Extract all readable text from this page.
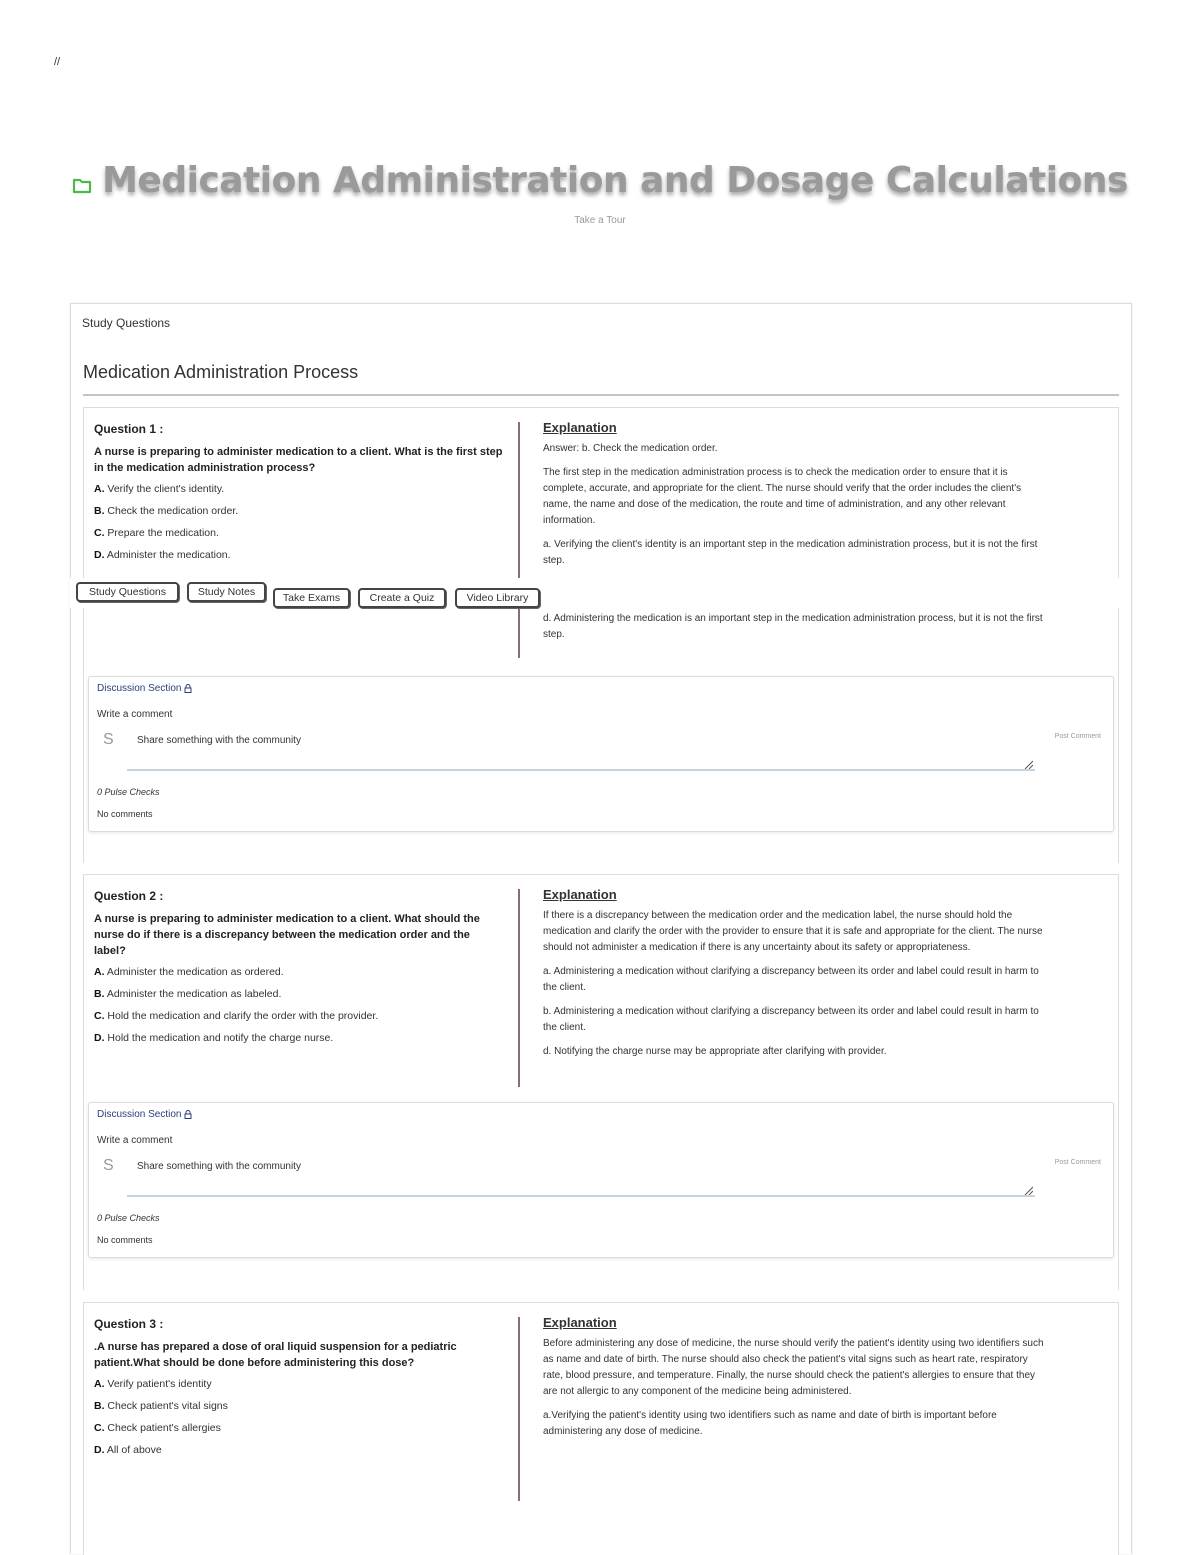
//
Medication Administration and Dosage Calculations
Take a Tour
Study Questions
Medication Administration Process
Question 1 :
A nurse is preparing to administer medication to a client. What is the first step in the medication administration process?
A. Verify the client's identity.
B. Check the medication order.
C. Prepare the medication.
D. Administer the medication.
Explanation

Answer: b. Check the medication order.

The first step in the medication administration process is to check the medication order to ensure that it is complete, accurate, and appropriate for the client. The nurse should verify that the order includes the client's name, the name and dose of the medication, the route and time of administration, and any other relevant information.

a. Verifying the client's identity is an important step in the medication administration process, but it is not the first step.

d. Administering the medication is an important step in the medication administration process, but it is not the first step.

Discussion Section
Write a comment
S
Share something with the community	Post Comment
0 Pulse Checks
No comments
Question 2 :
A nurse is preparing to administer medication to a client. What should the nurse do if there is a discrepancy between the medication order and the label?
A. Administer the medication as ordered.
B. Administer the medication as labeled.
C. Hold the medication and clarify the order with the provider.
D. Hold the medication and notify the charge nurse.
Explanation

If there is a discrepancy between the medication order and the medication label, the nurse should hold the medication and clarify the order with the provider to ensure that it is safe and appropriate for the client. The nurse should not administer a medication if there is any uncertainty about its safety or appropriateness.

a. Administering a medication without clarifying a discrepancy between its order and label could result in harm to the client.

b. Administering a medication without clarifying a discrepancy between its order and label could result in harm to the client.

d. Notifying the charge nurse may be appropriate after clarifying with provider.

Discussion Section
Write a comment
S
Share something with the community	Post Comment
0 Pulse Checks
No comments
Question 3 :
.A nurse has prepared a dose of oral liquid suspension for a pediatric patient.What should be done before administering this dose?
A. Verify patient's identity
B. Check patient's vital signs
C. Check patient's allergies
D. All of above
Explanation

Before administering any dose of medicine, the nurse should verify the patient's identity using two identifiers such as name and date of birth. The nurse should also check the patient's vital signs such as heart rate, respiratory rate, blood pressure, and temperature. Finally, the nurse should check the patient's allergies to ensure that they are not allergic to any component of the medicine being administered.

a.Verifying the patient's identity using two identifiers such as name and date of birth is important before administering any dose of medicine.

Study Questions	Study Notes	Take Exams	Create a Quiz	Video Library
